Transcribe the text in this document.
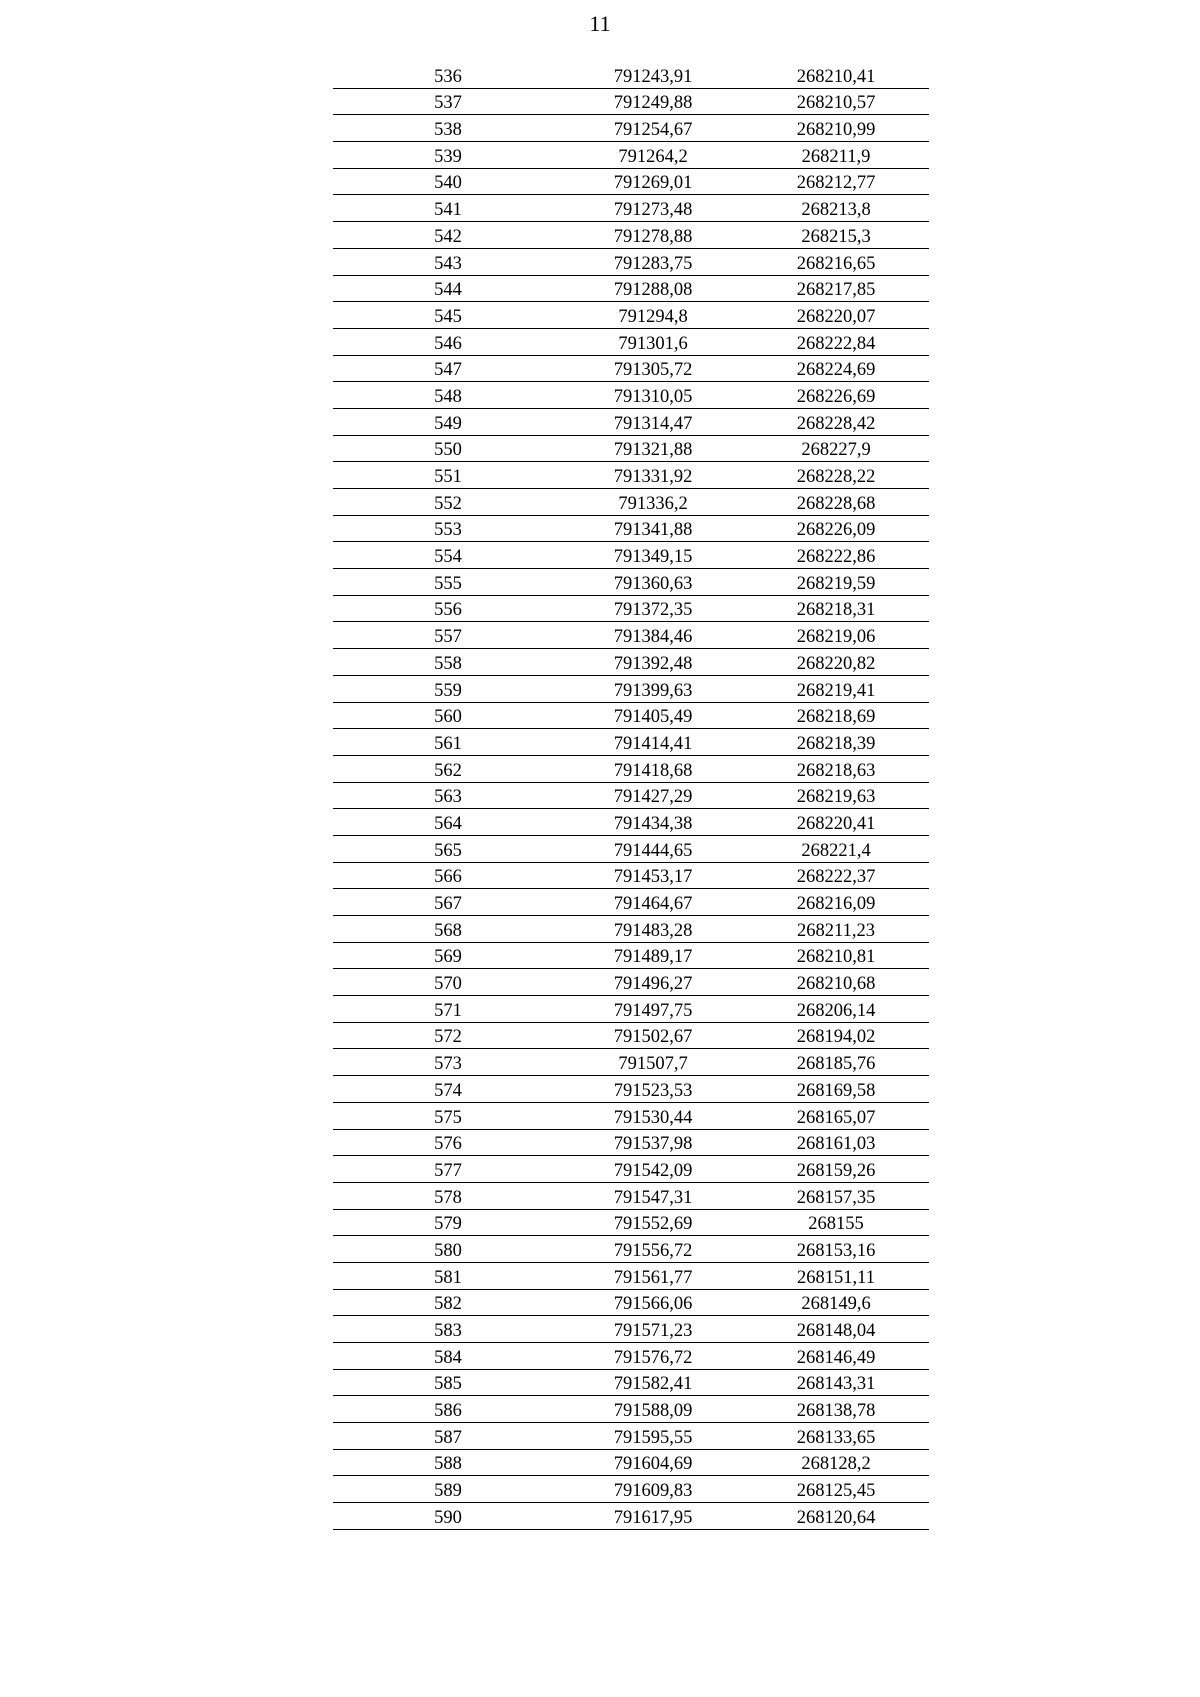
11
536	791243,91	268210,41
537	791249,88	268210,57
538	791254,67	268210,99
539	791264,2	268211,9
540	791269,01	268212,77
541	791273,48	268213,8
542	791278,88	268215,3
543	791283,75	268216,65
544	791288,08	268217,85
545	791294,8	268220,07
546	791301,6	268222,84
547	791305,72	268224,69
548	791310,05	268226,69
549	791314,47	268228,42
550	791321,88	268227,9
551	791331,92	268228,22
552	791336,2	268228,68
553	791341,88	268226,09
554	791349,15	268222,86
555	791360,63	268219,59
556	791372,35	268218,31
557	791384,46	268219,06
558	791392,48	268220,82
559	791399,63	268219,41
560	791405,49	268218,69
561	791414,41	268218,39
562	791418,68	268218,63
563	791427,29	268219,63
564	791434,38	268220,41
565	791444,65	268221,4
566	791453,17	268222,37
567	791464,67	268216,09
568	791483,28	268211,23
569	791489,17	268210,81
570	791496,27	268210,68
571	791497,75	268206,14
572	791502,67	268194,02
573	791507,7	268185,76
574	791523,53	268169,58
575	791530,44	268165,07
576	791537,98	268161,03
577	791542,09	268159,26
578	791547,31	268157,35
579	791552,69	268155
580	791556,72	268153,16
581	791561,77	268151,11
582	791566,06	268149,6
583	791571,23	268148,04
584	791576,72	268146,49
585	791582,41	268143,31
586	791588,09	268138,78
587	791595,55	268133,65
588	791604,69	268128,2
589	791609,83	268125,45
590	791617,95	268120,64
